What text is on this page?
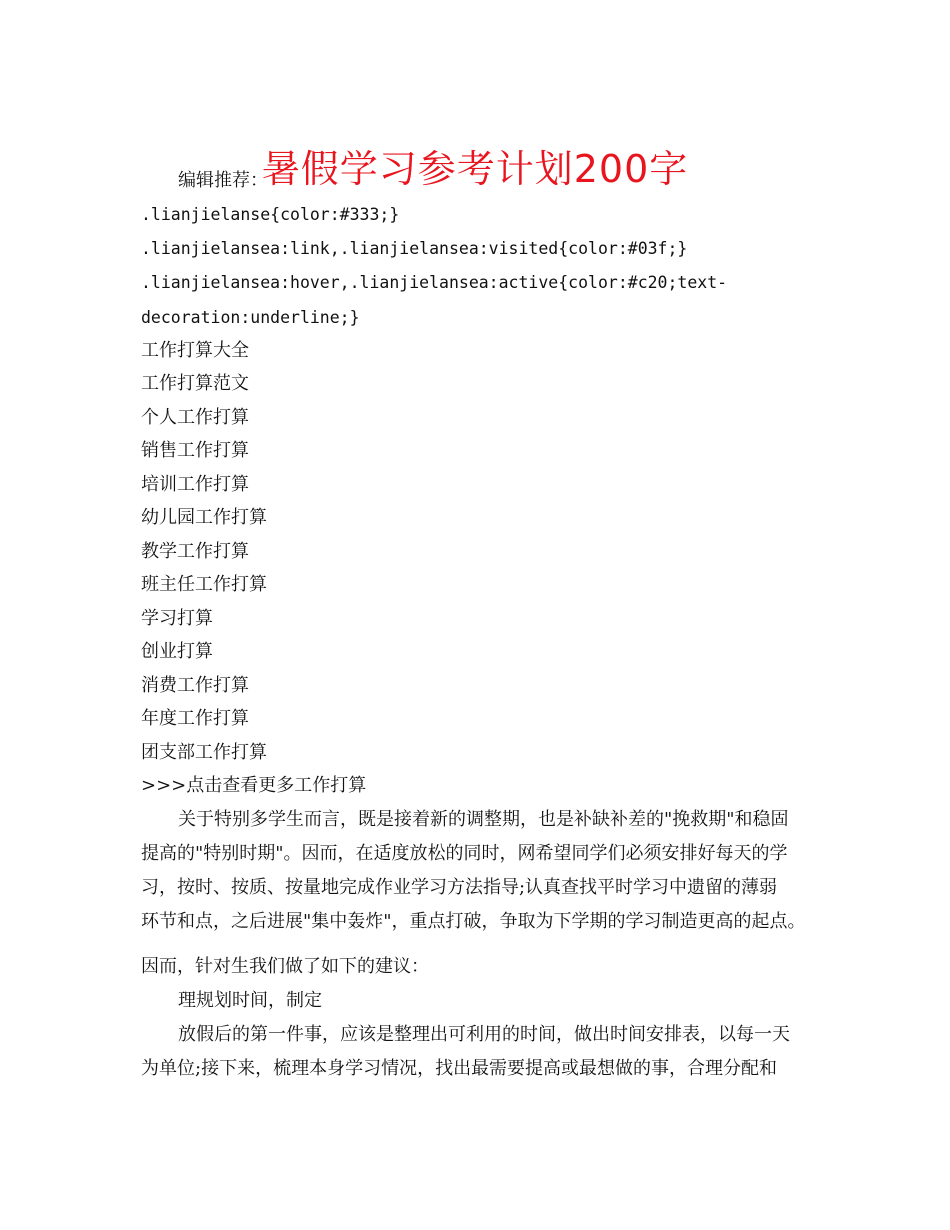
暑假学习参考计划200字
编辑推荐：
.lianjielanse{color:#333;}
.lianjielansea:link,.lianjielansea:visited{color:#03f;}
.lianjielansea:hover,.lianjielansea:active{color:#c20;text-
decoration:underline;}
工作打算大全
工作打算范文
个人工作打算
销售工作打算
培训工作打算
幼儿园工作打算
教学工作打算
班主任工作打算
学习打算
创业打算
消费工作打算
年度工作打算
团支部工作打算
>>>点击查看更多工作打算
关于特别多学生而言，既是接着新的调整期，也是补缺补差的"挽救期"和稳固
提高的"特别时期"。因而，在适度放松的同时，网希望同学们必须安排好每天的学
习，按时、按质、按量地完成作业学习方法指导;认真查找平时学习中遗留的薄弱
环节和点，之后进展"集中轰炸"，重点打破，争取为下学期的学习制造更高的起点。
因而，针对生我们做了如下的建议：
理规划时间，制定
放假后的第一件事，应该是整理出可利用的时间，做出时间安排表，以每一天
为单位;接下来，梳理本身学习情况，找出最需要提高或最想做的事，合理分配和
